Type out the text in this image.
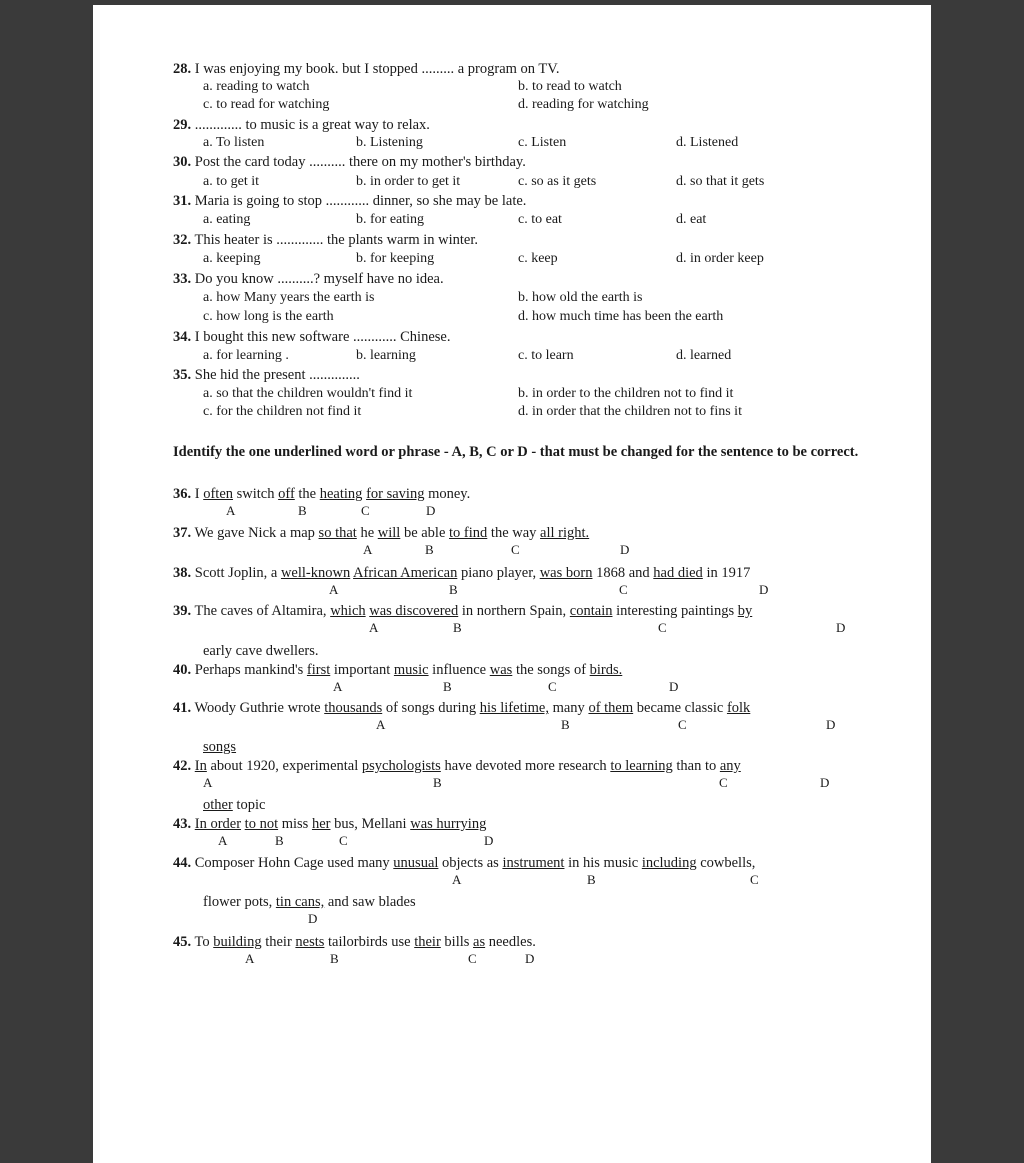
28. I was enjoying my book. but I stopped ......... a program on TV.
a. reading to watch	b. to read to watch
c. to read for watching	d. reading for watching
29. ............. to music is a great way to relax.
a. To listen	b. Listening	c. Listen	d. Listened
30. Post the card today .......... there on my mother's birthday.
a. to get it	b. in order to get it	c. so as it gets	d. so that it gets
31. Maria is going to stop ............ dinner, so she may be late.
a. eating	b. for eating	c. to eat	d. eat
32. This heater is ............. the plants warm in winter.
a. keeping	b. for keeping	c. keep	d. in order keep
33. Do you know ..........? myself have no idea.
a. how Many years the earth is	b. how old the earth is
c. how long is the earth	d. how much time has been the earth
34. I bought this new software ............ Chinese.
a. for learning .	b. learning	c. to learn	d. learned
35. She hid the present ..............
a. so that the children wouldn't find it	b. in order to the children not to find it
c. for the children not find it	d. in order that the children not to fins it
Identify the one underlined word or phrase - A, B, C or D - that must be changed for the sentence to be correct.
36. I often switch off the heating for saving money.
A	B	C	D
37. We gave Nick a map so that he will be able to find the way all right.
A	B	C	D
38. Scott Joplin, a well-known African American piano player, was born 1868 and had died in 1917
A	B	C	D
39. The caves of Altamira, which was discovered in northern Spain, contain interesting paintings by
A	B	C	D
early cave dwellers.
40. Perhaps mankind's first important music influence was the songs of birds.
A	B	C	D
41. Woody Guthrie wrote thousands of songs during his lifetime, many of them became classic folk
A	B	C	D
songs
42. In about 1920, experimental psychologists have devoted more research to learning than to any
A	B	C	D
other topic
43. In order to not miss her bus, Mellani was hurrying
A	B	C	D
44. Composer Hohn Cage used many unusual objects as instrument in his music including cowbells,
A	B	C
flower pots, tin cans, and saw blades
D
45. To building their nests tailorbirds use their bills as needles.
A	B	C	D
